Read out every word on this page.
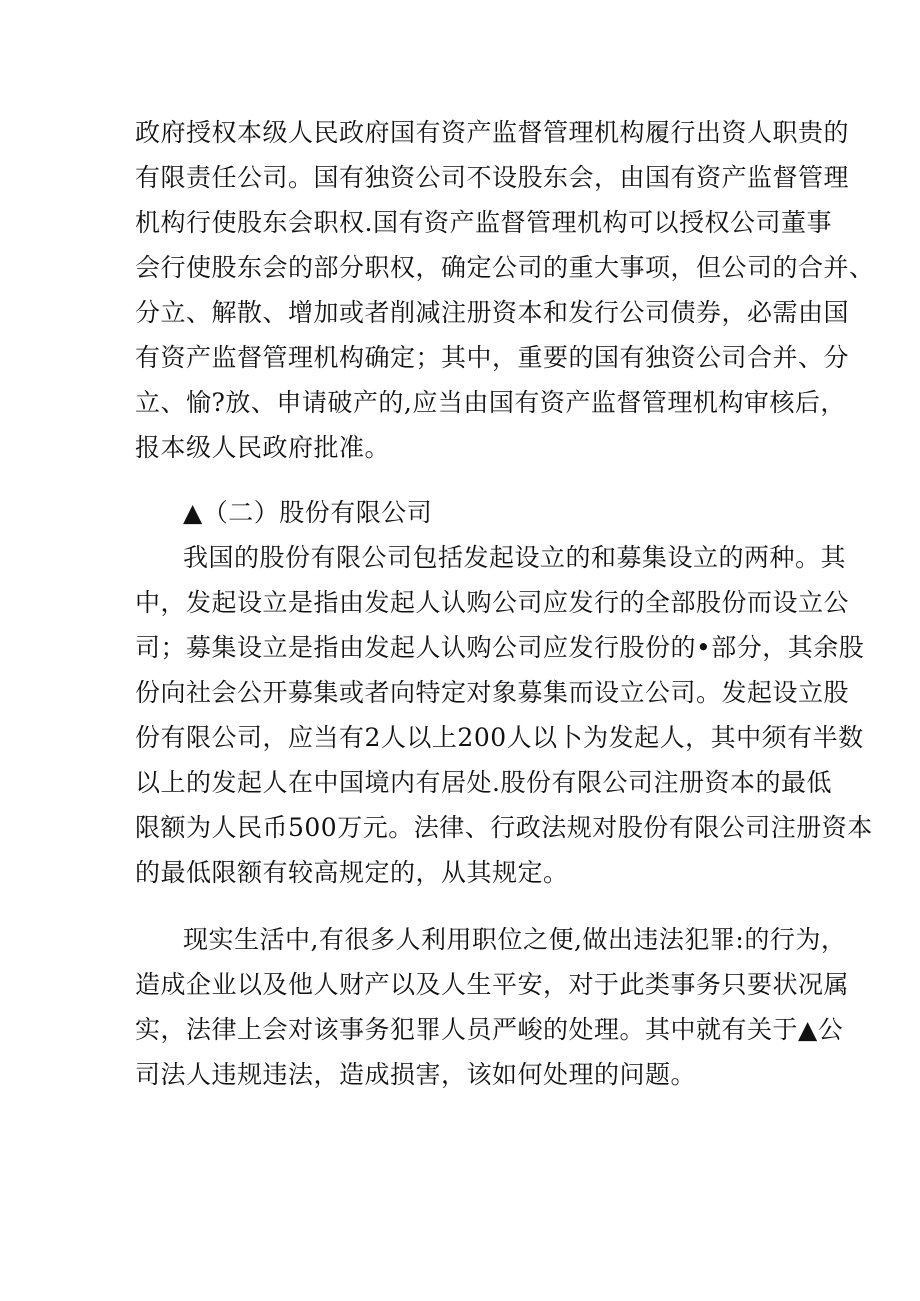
政府授权本级人民政府国有资产监督管理机构履行出资人职贵的
有限责任公司。国有独资公司不设股东会，由国有资产监督管理
机构行使股东会职权.国有资产监督管理机构可以授权公司董事
会行使股东会的部分职权，确定公司的重大事项，但公司的合并、
分立、解散、增加或者削减注册资本和发行公司债券，必需由国
有资产监督管理机构确定；其中，重要的国有独资公司合并、分
立、愉?放、申请破产的,应当由国有资产监督管理机构审核后，
报本级人民政府批准。
▲（二）股份有限公司
我国的股份有限公司包括发起设立的和募集设立的两种。其
中，发起设立是指由发起人认购公司应发行的全部股份而设立公
司；募集设立是指由发起人认购公司应发行股份的•部分，其余股
份向社会公开募集或者向特定对象募集而设立公司。发起设立股
份有限公司，应当有2人以上200人以卜为发起人，其中须有半数
以上的发起人在中国境内有居处.股份有限公司注册资本的最低
限额为人民币500万元。法律、行政法规对股份有限公司注册资本
的最低限额有较高规定的，从其规定。
现实生活中,有很多人利用职位之便,做出违法犯罪:的行为，
造成企业以及他人财产以及人生平安，对于此类事务只要状况属
实，法律上会对该事务犯罪人员严峻的处理。其中就有关于▲公
司法人违规违法，造成损害，该如何处理的问题。
